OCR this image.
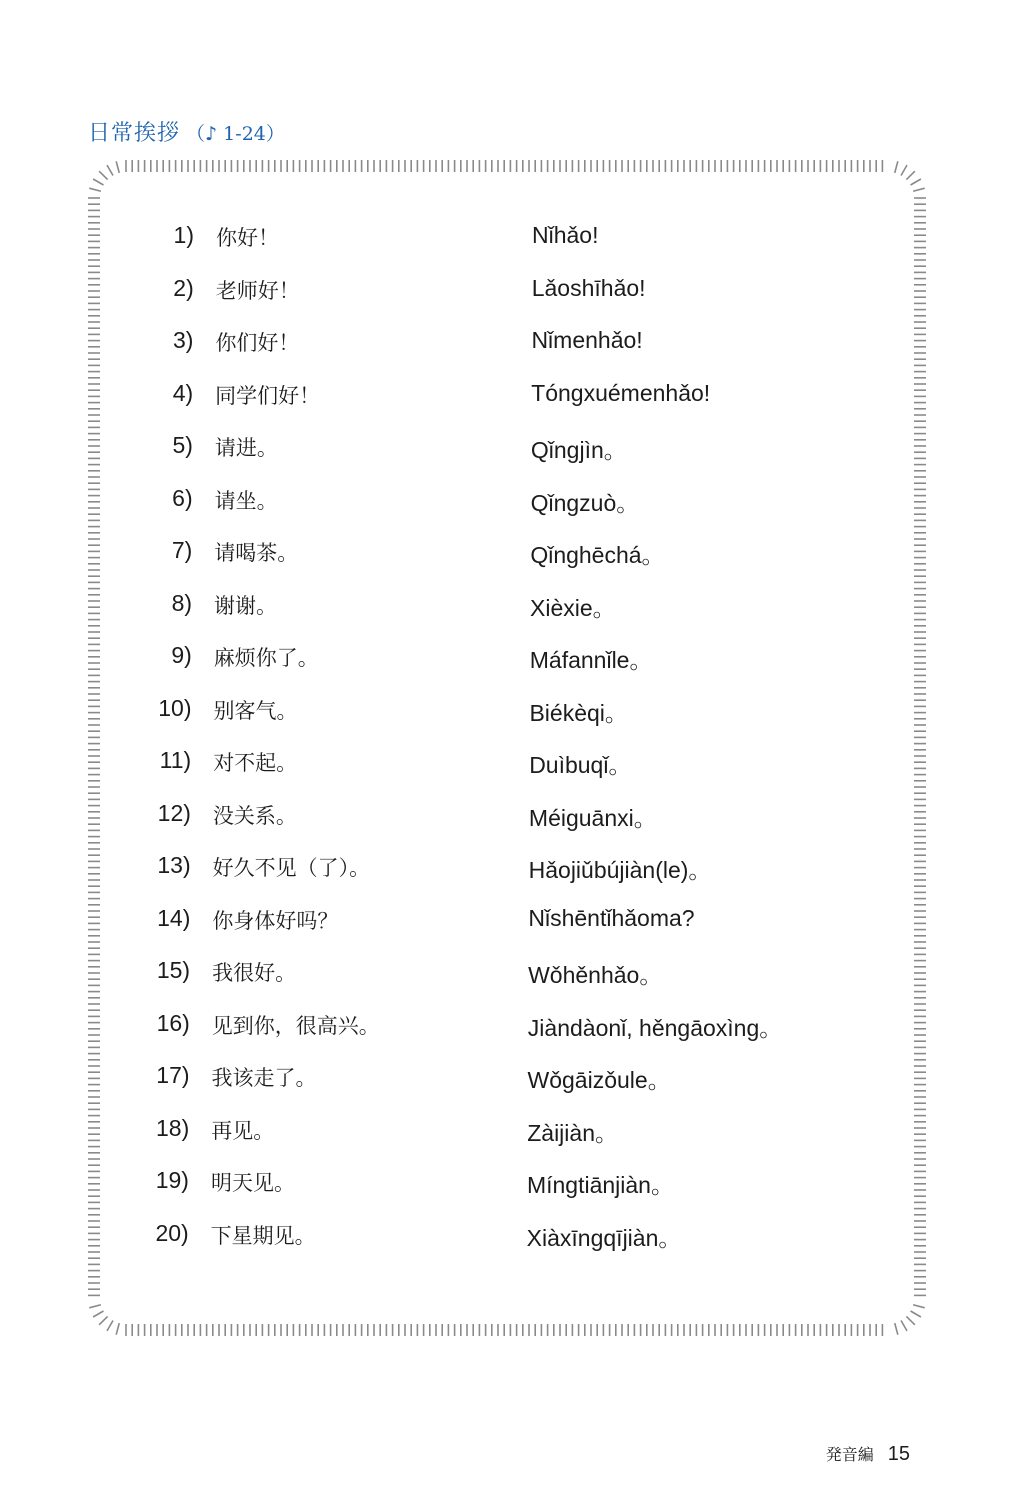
日常挨拶 （♪ 1-24）
1) 你好！	Nǐhǎo!
2) 老师好！	Lǎoshīhǎo!
3) 你们好！	Nǐmenhǎo!
4) 同学们好！	Tóngxuémenhǎo!
5) 请进。	Qǐngjìn。
6) 请坐。	Qǐngzuò。
7) 请喝茶。	Qǐnghēchá。
8) 谢谢。	Xièxie。
9) 麻烦你了。	Máfannǐle。
10) 别客气。	Biékèqi。
11) 对不起。	Duìbuqǐ。
12) 没关系。	Méiguānxi。
13) 好久不见（了）。	Hǎojiǔbújiàn(le)。
14) 你身体好吗？	Nǐshēntǐhǎoma?
15) 我很好。	Wǒhěnhǎo。
16) 见到你，很高兴。	Jiàndàonǐ, hěngāoxìng。
17) 我该走了。	Wǒgāizǒule。
18) 再见。	Zàijiàn。
19) 明天见。	Míngtiānjiàn。
20) 下星期见。	Xiàxīngqījiàn。
発音編 15
